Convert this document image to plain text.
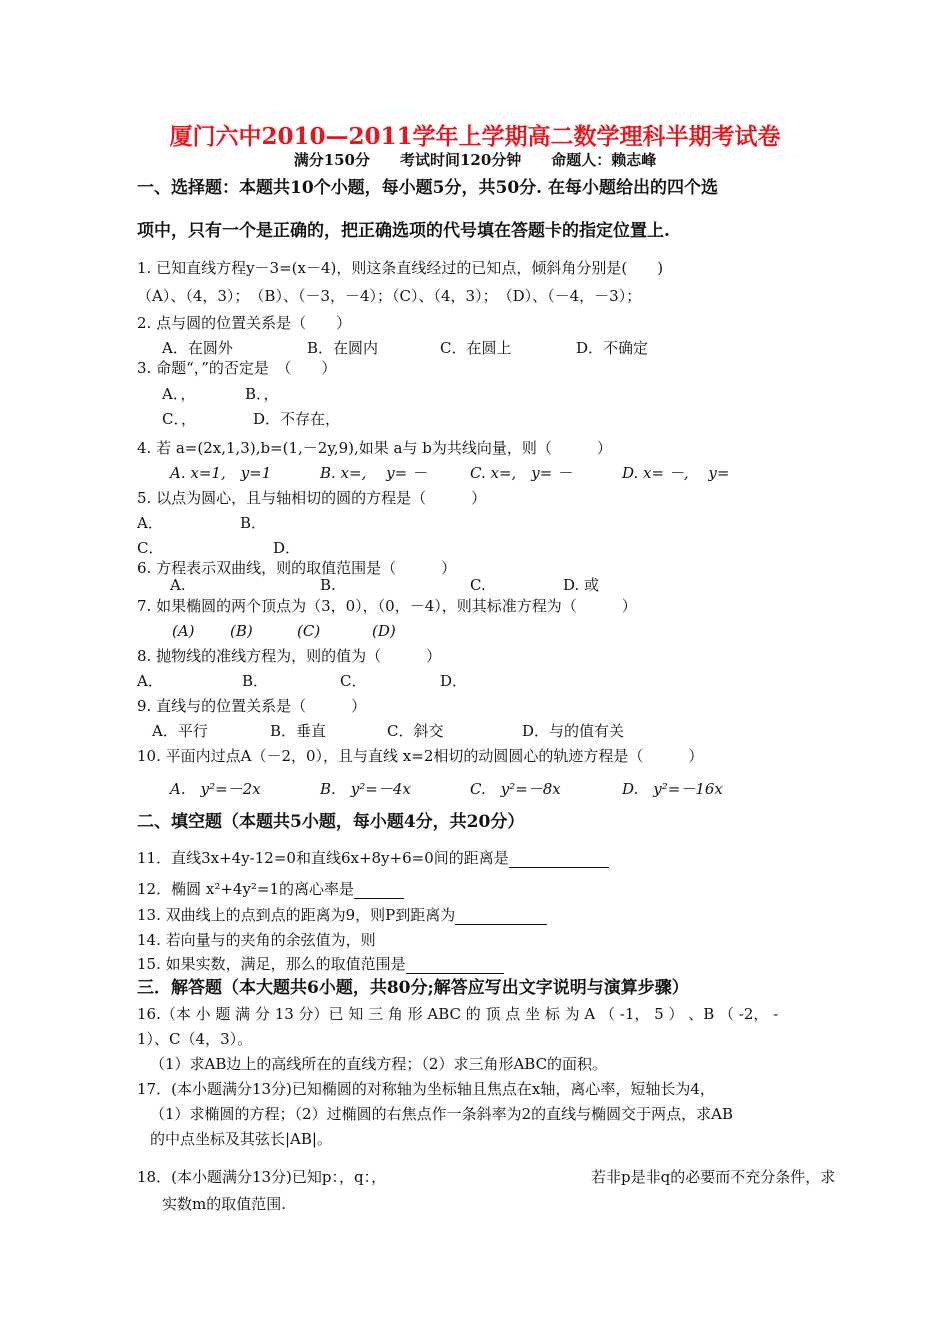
厦门六中2010—2011学年上学期高二数学理科半期考试卷
满分150分　　考试时间120分钟　　命题人：赖志峰
一、选择题：本题共10个小题，每小题5分，共50分. 在每小题给出的四个选
项中，只有一个是正确的，把正确选项的代号填在答题卡的指定位置上.
1. 已知直线方程y－3=(x－4)，则这条直线经过的已知点，倾斜角分别是(　　)
（A）、（4，3）；　（B）、（－3，－4）；（C）、（4，3）；　（D）、（－4，－3）；
2. 点与圆的位置关系是（　　）
A．在圆外	B．在圆内	C．在圆上	D．不确定
3. 命题“，”的否定是　（　　）
A．，	B．，
C．，	D．不存在，
4. 若 a=(2x,1,3),b=(1,－2y,9),如果 a与 b为共线向量，则（　　　）
A. x=1,　y=1	B. x=,　 y= －	C. x=,　y= －	D. x= －,　 y=
5. 以点为圆心，且与轴相切的圆的方程是（　　　）
A．	B．
C．	D．
6. 方程表示双曲线，则的取值范围是（　　　）
A.	B.	C.	D. 或
7. 如果椭圆的两个顶点为（3，0），（0，－4），则其标准方程为（　　　）
(A) (B)	(C)	(D)
8. 抛物线的准线方程为，则的值为（　　　）
A．	B．	C．	D．
9. 直线与的位置关系是（　　　）
A．平行	B．垂直	C．斜交	D．与的值有关
10. 平面内过点A（－2，0），且与直线 x=2相切的动圆圆心的轨迹方程是（　　　）
A.　y²=－2x	B.　y²=－4x	C.　y²=－8x	D.　y²=－16x
二、填空题（本题共5小题，每小题4分，共20分）
11．直线3x+4y-12=0和直线6x+8y+6=0间的距离是
12．椭圆 x²+4y²=1的离心率是
13. 双曲线上的点到点的距离为9，则P到距离为
14. 若向量与的夹角的余弦值为，则
15. 如果实数，满足，那么的取值范围是
三．解答题（本大题共6小题，共80分;解答应写出文字说明与演算步骤）
16.（本 小 题 满 分 13 分）已 知 三 角 形 ABC 的 顶 点 坐 标 为 A （ -1， 5 ） 、B （ -2， -
1）、C（4，3）。
（1）求AB边上的高线所在的直线方程；（2）求三角形ABC的面积。
17．(本小题满分13分)已知椭圆的对称轴为坐标轴且焦点在x轴，离心率，短轴长为4，
（1）求椭圆的方程；（2）过椭圆的右焦点作一条斜率为2的直线与椭圆交于两点，求AB
的中点坐标及其弦长|AB|。
18．(本小题满分13分)已知p：，q：，	若非p是非q的必要而不充分条件，求
实数m的取值范围.
